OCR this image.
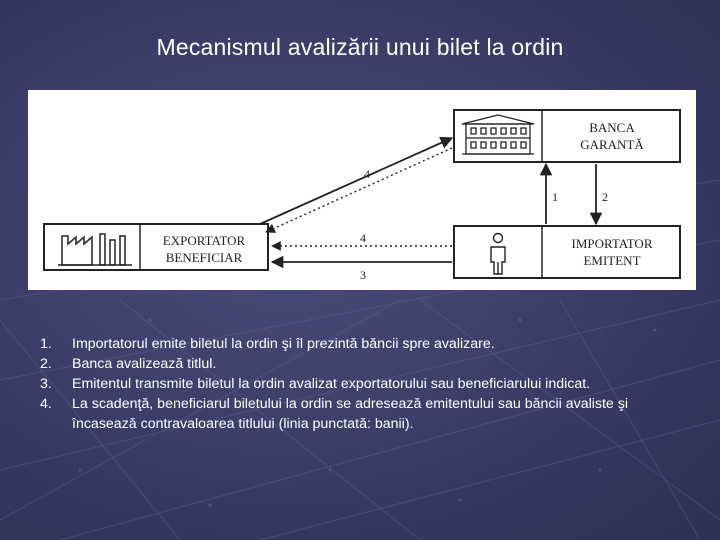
Mecanismul avalizării unui bilet la ordin
EXPORTATOR
BENEFICIAR
BANCA
GARANTĂ
IMPORTATOR
EMITENT
4
4
3
1	2
1. Importatorul emite biletul la ordin şi îl prezintă băncii spre avalizare.
2. Banca avalizează titlul.
3. Emitentul transmite biletul la ordin avalizat exportatorului sau beneficiarului indicat.
4. La scadenţă, beneficiarul biletului la ordin se adresează emitentului sau băncii avaliste şi încasează contravaloarea titlului (linia punctată: banii).
